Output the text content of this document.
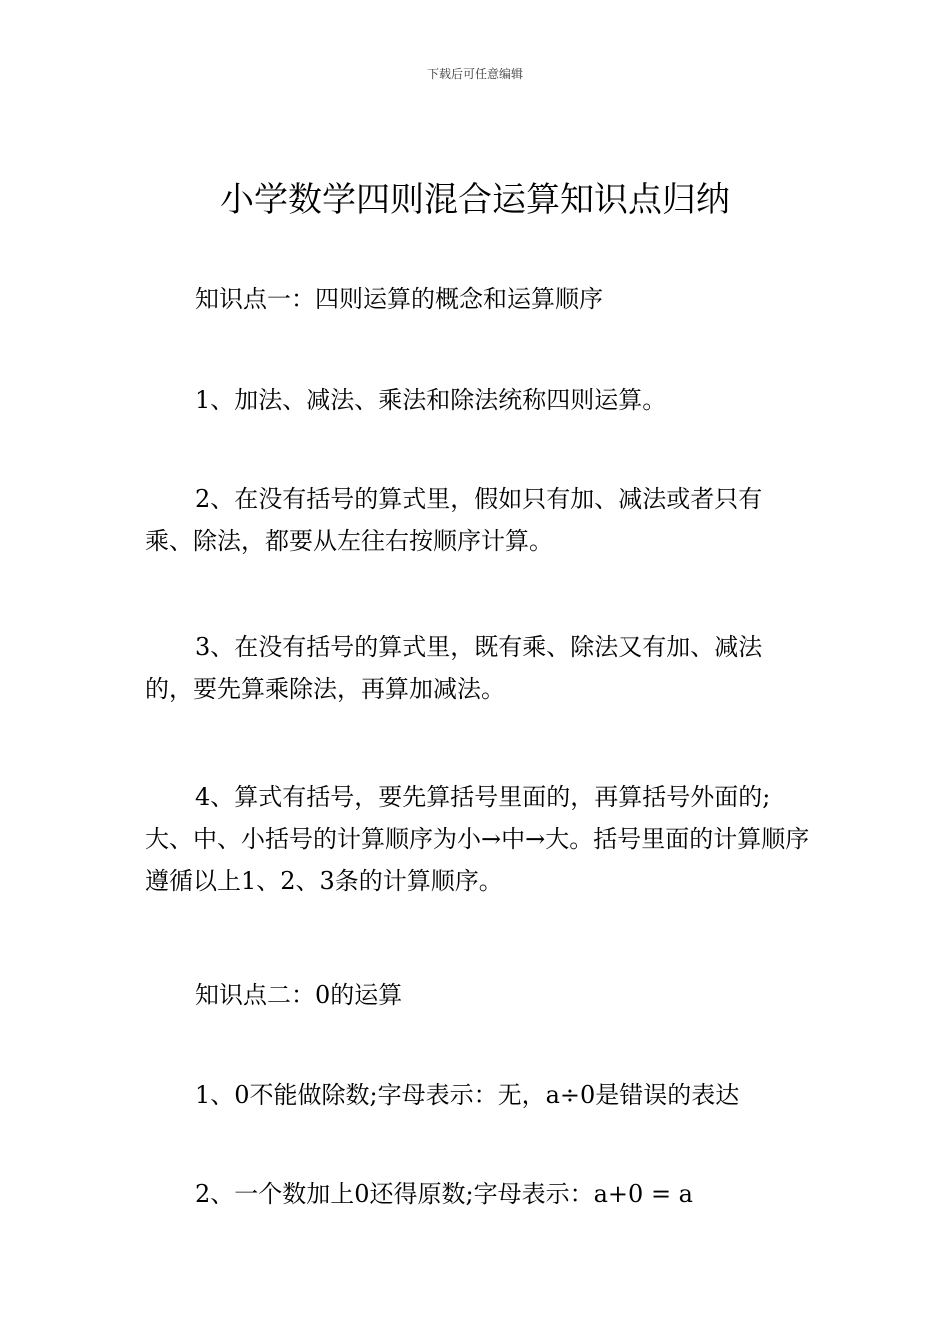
下载后可任意编辑
小学数学四则混合运算知识点归纳

知识点一：四则运算的概念和运算顺序

1、加法、减法、乘法和除法统称四则运算。

2、在没有括号的算式里，假如只有加、减法或者只有乘、除法，都要从左往右按顺序计算。

3、在没有括号的算式里，既有乘、除法又有加、减法的，要先算乘除法，再算加减法。

4、算式有括号，要先算括号里面的，再算括号外面的;大、中、小括号的计算顺序为小→中→大。括号里面的计算顺序遵循以上1、2、3条的计算顺序。

知识点二：0的运算

1、0不能做除数;字母表示：无，a÷0是错误的表达

2、一个数加上0还得原数;字母表示：a+0 = a
